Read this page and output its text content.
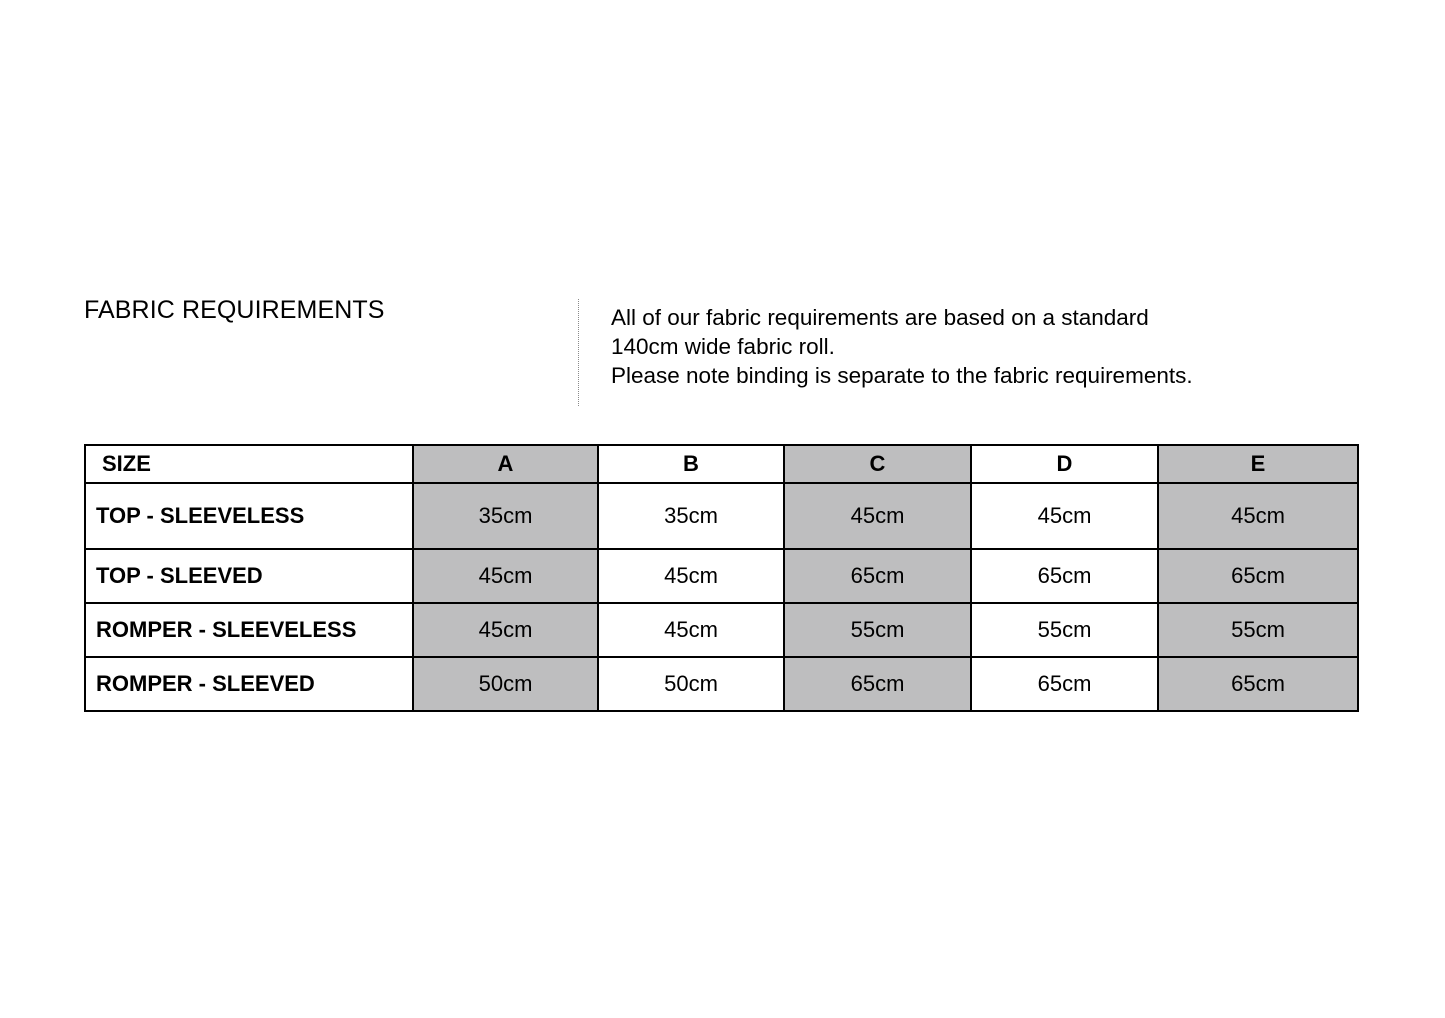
FABRIC REQUIREMENTS	All of our fabric requirements are based on a standard
140cm wide fabric roll.
Please note binding is separate to the fabric requirements.
SIZE	A	B	C	D	E
TOP - SLEEVELESS	35cm	35cm	45cm	45cm	45cm
TOP - SLEEVED	45cm	45cm	65cm	65cm	65cm
ROMPER - SLEEVELESS	45cm	45cm	55cm	55cm	55cm
ROMPER - SLEEVED	50cm	50cm	65cm	65cm	65cm
